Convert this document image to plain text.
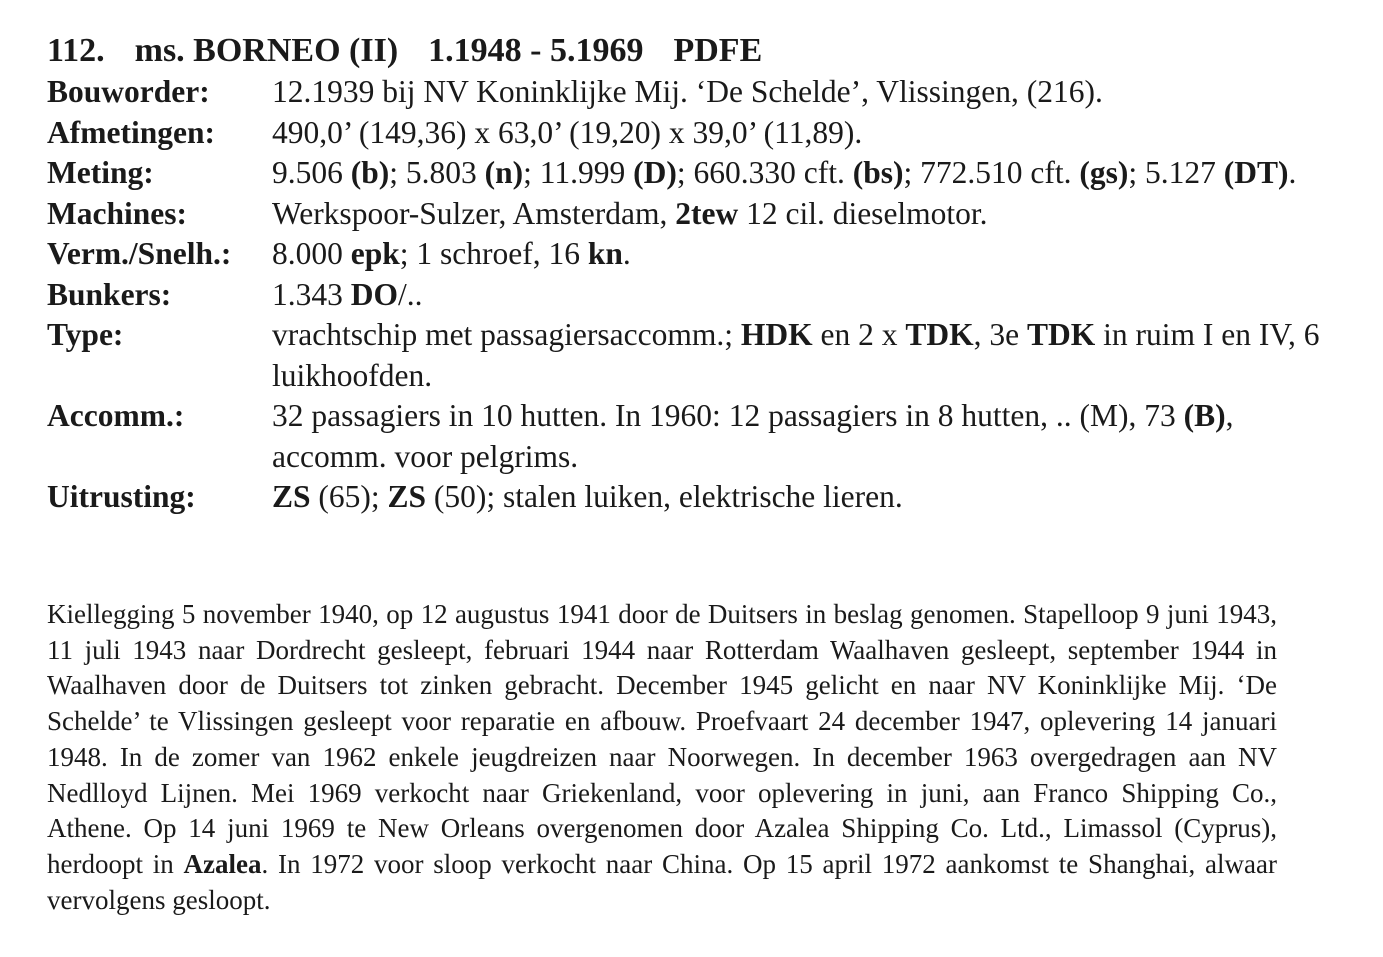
112. ms. BORNEO (II) 1.1948 - 5.1969 PDFE
Bouworder:	12.1939 bij NV Koninklijke Mij. ‘De Schelde’, Vlissingen, (216).
Afmetingen:	490,0’ (149,36) x 63,0’ (19,20) x 39,0’ (11,89).
Meting:	9.506 (b); 5.803 (n); 11.999 (D); 660.330 cft. (bs); 772.510 cft. (gs); 5.127 (DT).
Machines:	Werkspoor-Sulzer, Amsterdam, 2tew 12 cil. dieselmotor.
Verm./Snelh.:	8.000 epk; 1 schroef, 16 kn.
Bunkers:	1.343 DO/..
Type:	vrachtschip met passagiersaccomm.; HDK en 2 x TDK, 3e TDK in ruim I en IV, 6 luikhoofden.
Accomm.:	32 passagiers in 10 hutten. In 1960: 12 passagiers in 8 hutten, .. (M), 73 (B), accomm. voor pelgrims.
Uitrusting:	ZS (65); ZS (50); stalen luiken, elektrische lieren.
Kiellegging 5 november 1940, op 12 augustus 1941 door de Duitsers in beslag genomen. Stapelloop 9 juni 1943, 11 juli 1943 naar Dordrecht gesleept, februari 1944 naar Rotterdam Waalhaven gesleept, september 1944 in Waalhaven door de Duitsers tot zinken gebracht. December 1945 gelicht en naar NV Koninklijke Mij. ‘De Schelde’ te Vlissingen gesleept voor reparatie en afbouw. Proefvaart 24 december 1947, oplevering 14 januari 1948. In de zomer van 1962 enkele jeugdreizen naar Noorwegen. In december 1963 overgedragen aan NV Nedlloyd Lijnen. Mei 1969 verkocht naar Griekenland, voor oplevering in juni, aan Franco Shipping Co., Athene. Op 14 juni 1969 te New Orleans overgenomen door Azalea Shipping Co. Ltd., Limassol (Cyprus), herdoopt in Azalea. In 1972 voor sloop verkocht naar China. Op 15 april 1972 aankomst te Shanghai, alwaar vervolgens gesloopt.
